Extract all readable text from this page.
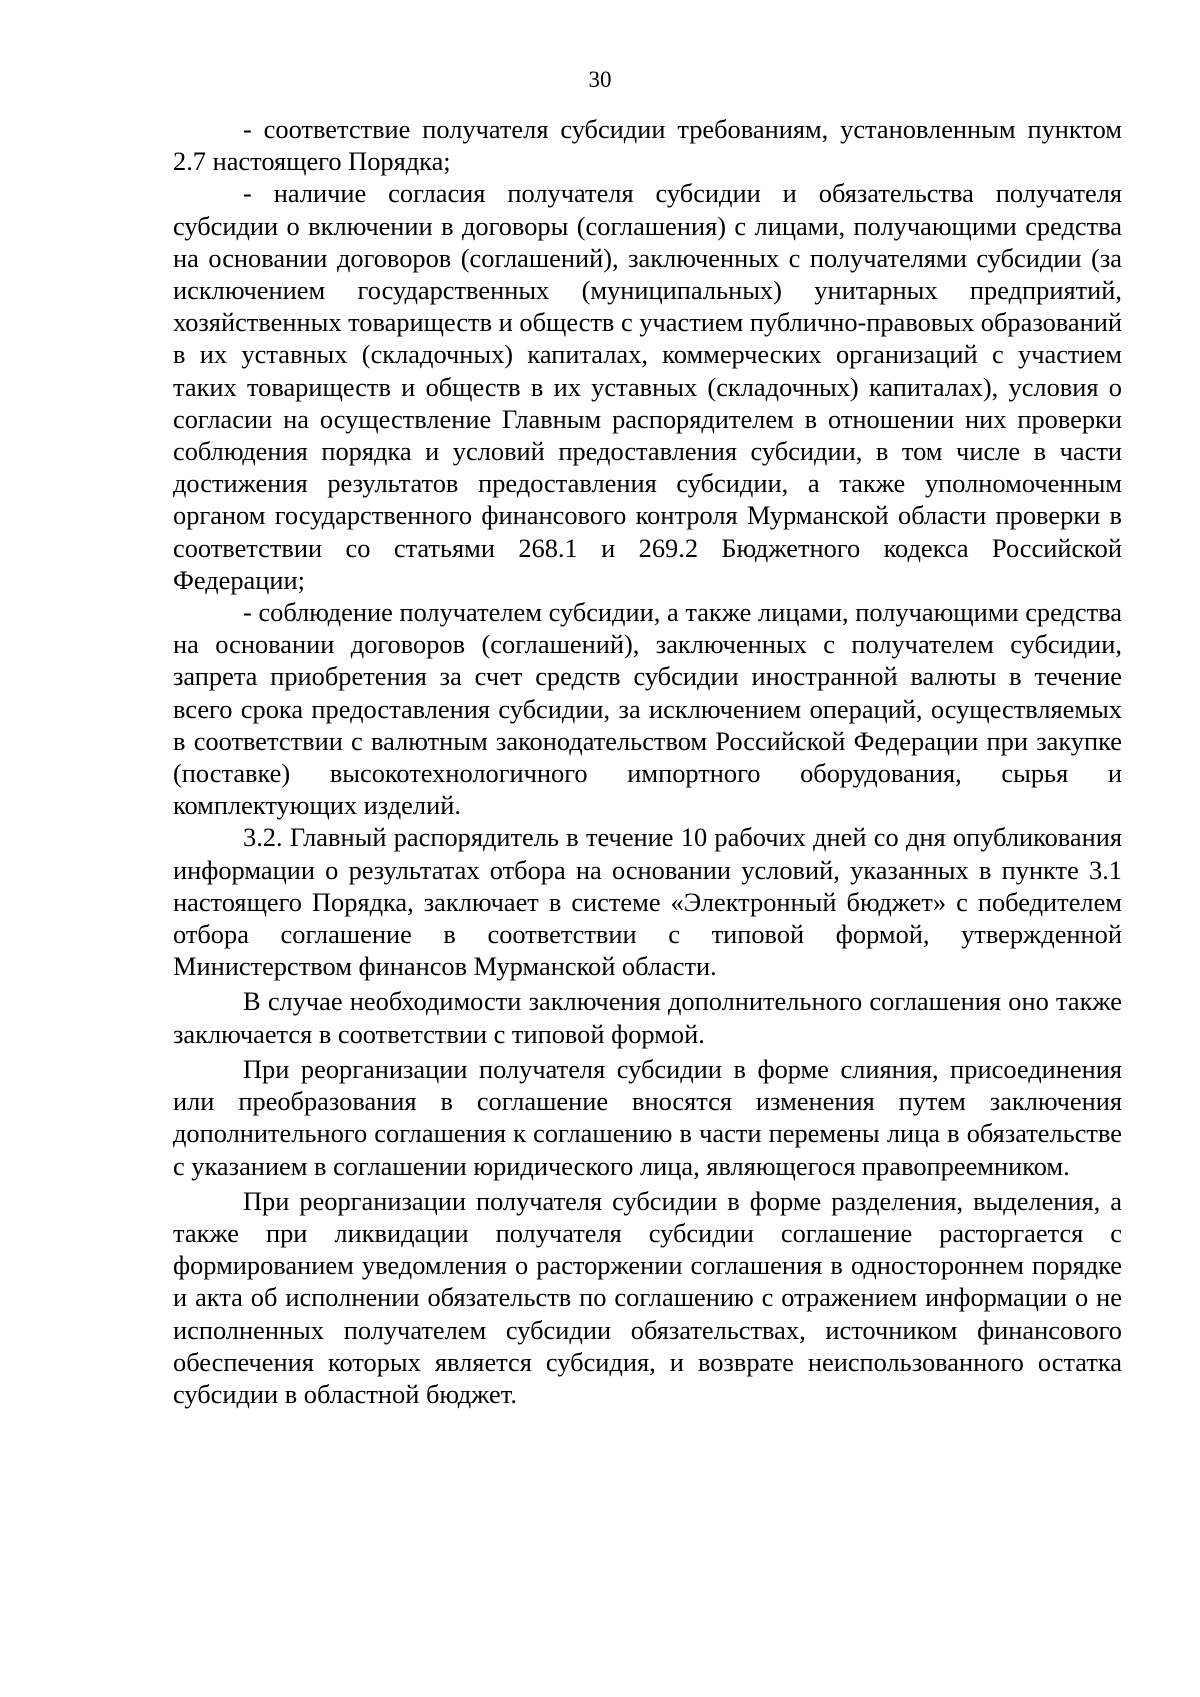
30

- соответствие получателя субсидии требованиям, установленным пунктом 2.7 настоящего Порядка;

- наличие согласия получателя субсидии и обязательства получателя субсидии о включении в договоры (соглашения) с лицами, получающими средства на основании договоров (соглашений), заключенных с получателями субсидии (за исключением государственных (муниципальных) унитарных предприятий, хозяйственных товариществ и обществ с участием публично-правовых образований в их уставных (складочных) капиталах, коммерческих организаций с участием таких товариществ и обществ в их уставных (складочных) капиталах), условия о согласии на осуществление Главным распорядителем в отношении них проверки соблюдения порядка и условий предоставления субсидии, в том числе в части достижения результатов предоставления субсидии, а также уполномоченным органом государственного финансового контроля Мурманской области проверки в соответствии со статьями 268.1 и 269.2 Бюджетного кодекса Российской Федерации;

- соблюдение получателем субсидии, а также лицами, получающими средства на основании договоров (соглашений), заключенных с получателем субсидии, запрета приобретения за счет средств субсидии иностранной валюты в течение всего срока предоставления субсидии, за исключением операций, осуществляемых в соответствии с валютным законодательством Российской Федерации при закупке (поставке) высокотехнологичного импортного оборудования, сырья и комплектующих изделий.

3.2. Главный распорядитель в течение 10 рабочих дней со дня опубликования информации о результатах отбора на основании условий, указанных в пункте 3.1 настоящего Порядка, заключает в системе «Электронный бюджет» с победителем отбора соглашение в соответствии с типовой формой, утвержденной Министерством финансов Мурманской области.

В случае необходимости заключения дополнительного соглашения оно также заключается в соответствии с типовой формой.

При реорганизации получателя субсидии в форме слияния, присоединения или преобразования в соглашение вносятся изменения путем заключения дополнительного соглашения к соглашению в части перемены лица в обязательстве с указанием в соглашении юридического лица, являющегося правопреемником.

При реорганизации получателя субсидии в форме разделения, выделения, а также при ликвидации получателя субсидии соглашение расторгается с формированием уведомления о расторжении соглашения в одностороннем порядке и акта об исполнении обязательств по соглашению с отражением информации о не исполненных получателем субсидии обязательствах, источником финансового обеспечения которых является субсидия, и возврате неиспользованного остатка субсидии в областной бюджет.
